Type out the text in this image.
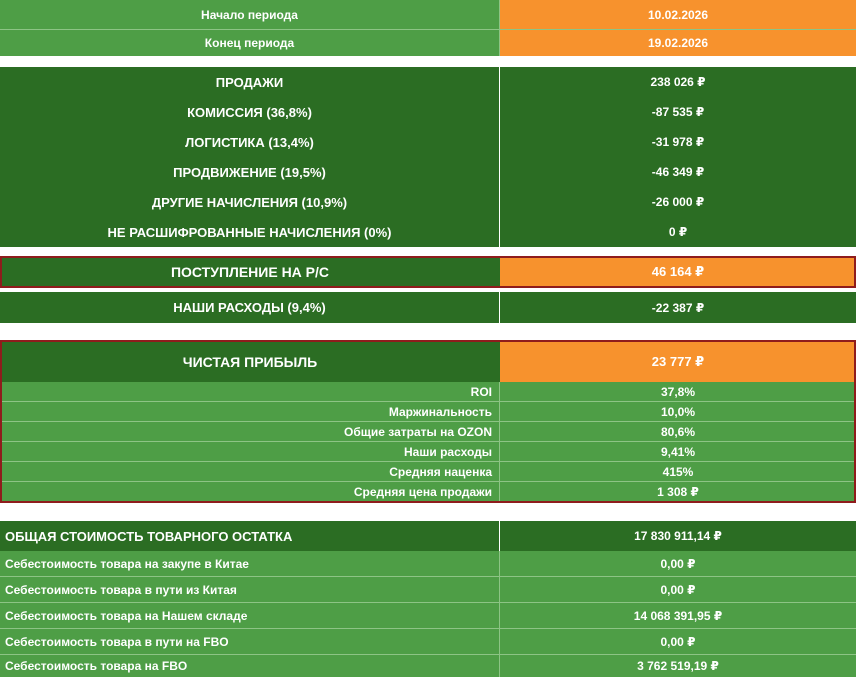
Начало периода	10.02.2026
Конец периода	19.02.2026
ПРОДАЖИ	238 026 ₽
КОМИССИЯ (36,8%)	-87 535 ₽
ЛОГИСТИКА (13,4%)	-31 978 ₽
ПРОДВИЖЕНИЕ (19,5%)	-46 349 ₽
ДРУГИЕ НАЧИСЛЕНИЯ (10,9%)	-26 000 ₽
НЕ РАСШИФРОВАННЫЕ НАЧИСЛЕНИЯ (0%)	0 ₽
ПОСТУПЛЕНИЕ НА Р/С	46 164 ₽
НАШИ РАСХОДЫ (9,4%)	-22 387 ₽
ЧИСТАЯ ПРИБЫЛЬ	23 777 ₽
ROI	37,8%
Маржинальность	10,0%
Общие затраты на OZON	80,6%
Наши расходы	9,41%
Средняя наценка	415%
Средняя цена продажи	1 308 ₽
ОБЩАЯ СТОИМОСТЬ ТОВАРНОГО ОСТАТКА	17 830 911,14 ₽
Себестоимость товара на закупе в Китае	0,00 ₽
Себестоимость товара в пути из Китая	0,00 ₽
Себестоимость товара на Нашем складе	14 068 391,95 ₽
Себестоимость товара в пути на FBO	0,00 ₽
Себестоимость товара на FBO	3 762 519,19 ₽
